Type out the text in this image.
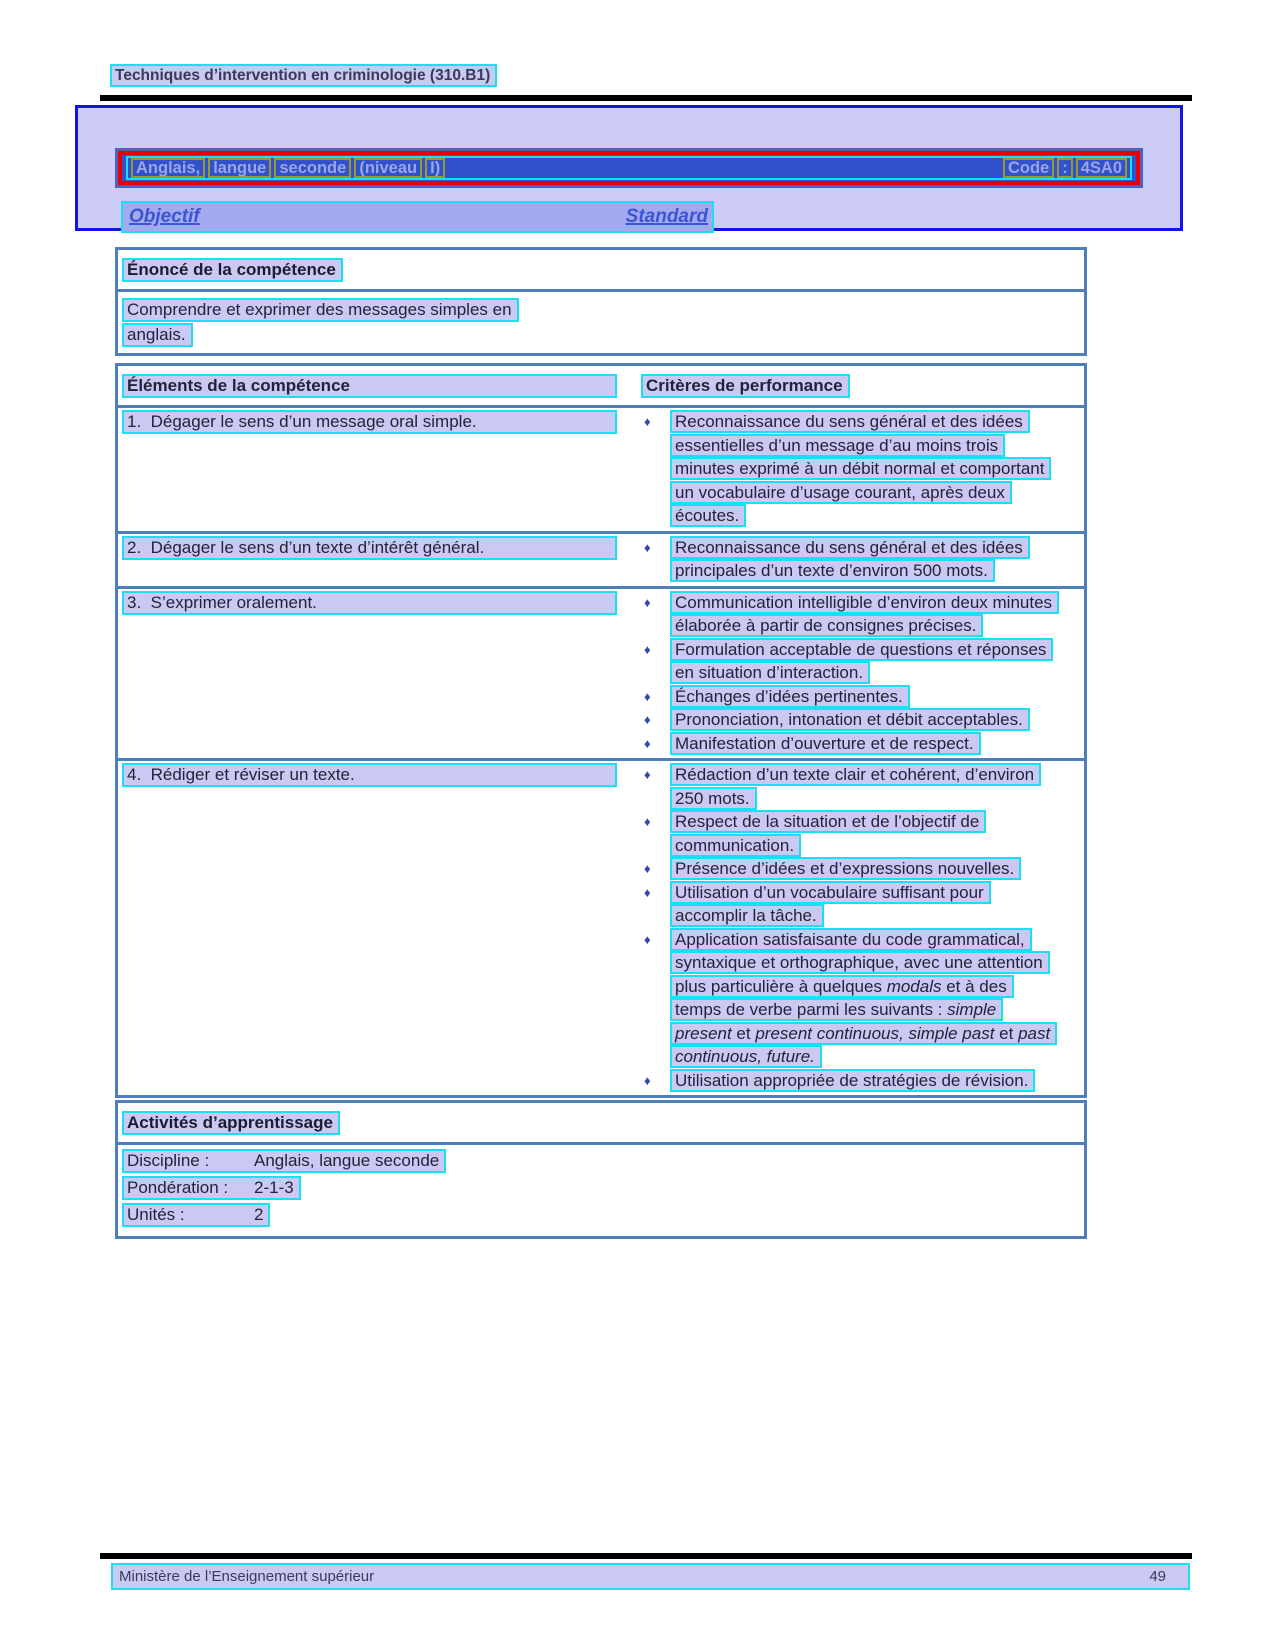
Techniques d’intervention en criminologie (310.B1)
Anglais, langue seconde (niveau I)	Code : 4SA0
Objectif	Standard
Énoncé de la compétence
Comprendre et exprimer des messages simples en
anglais.
Éléments de la compétence	Critères de performance
1.  Dégager le sens d’un message oral simple.	♦	Reconnaissance du sens général et des idées
essentielles d’un message d’au moins trois
minutes exprimé à un débit normal et comportant
un vocabulaire d’usage courant, après deux
écoutes.
2.  Dégager le sens d’un texte d’intérêt général.	♦	Reconnaissance du sens général et des idées
principales d’un texte d’environ 500 mots.
3.  S’exprimer oralement.	♦	Communication intelligible d’environ deux minutes
élaborée à partir de consignes précises.
♦	Formulation acceptable de questions et réponses
en situation d’interaction.
♦	Échanges d’idées pertinentes.
♦	Prononciation, intonation et débit acceptables.
♦	Manifestation d’ouverture et de respect.
4.  Rédiger et réviser un texte.	♦	Rédaction d’un texte clair et cohérent, d’environ
250 mots.
♦	Respect de la situation et de l’objectif de
communication.
♦	Présence d’idées et d’expressions nouvelles.
♦	Utilisation d’un vocabulaire suffisant pour
accomplir la tâche.
♦	Application satisfaisante du code grammatical,
syntaxique et orthographique, avec une attention
plus particulière à quelques modals et à des
temps de verbe parmi les suivants : simple
present et present continuous, simple past et past
continuous, future.
♦	Utilisation appropriée de stratégies de révision.
Activités d’apprentissage
Discipline :	Anglais, langue seconde
Pondération : 2-1-3
Unités :	2
Ministère de l’Enseignement supérieur	49
